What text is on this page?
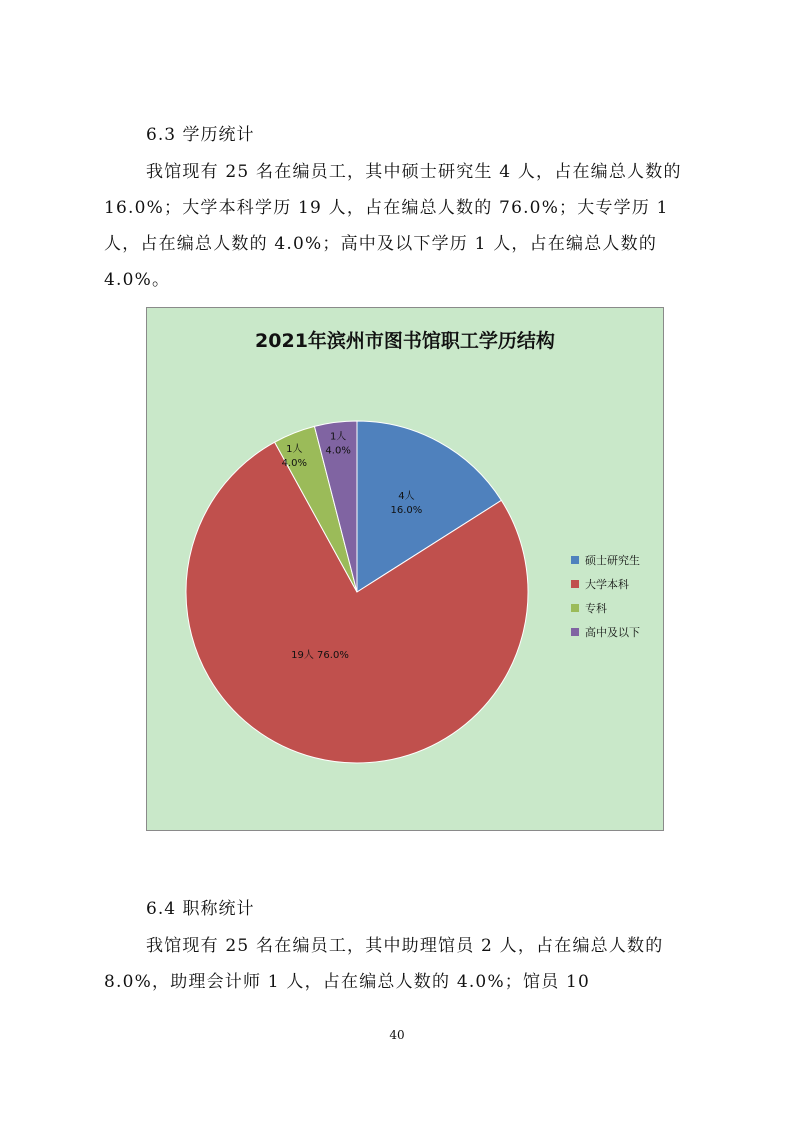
6.3 学历统计

我馆现有 25 名在编员工，其中硕士研究生 4 人，占在编总人数的 16.0%；大学本科学历 19 人，占在编总人数的 76.0%；大专学历 1 人，占在编总人数的 4.0%；高中及以下学历 1 人，占在编总人数的 4.0%。

2021年滨州市图书馆职工学历结构
4人 16.0%
19人 76.0%
1人 4.0%
1人 4.0%
硕士研究生
大学本科
专科
高中及以下
6.4 职称统计

我馆现有 25 名在编员工，其中助理馆员 2 人，占在编总人数的 8.0%，助理会计师 1 人，占在编总人数的 4.0%；馆员 10

40
